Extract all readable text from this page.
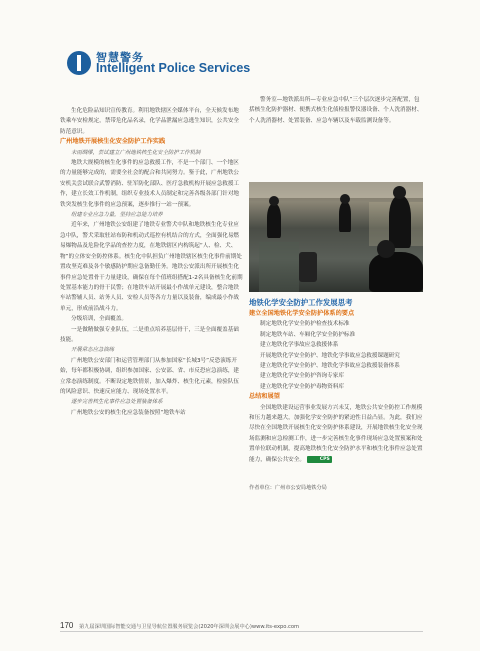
智慧警务
Intelligent Police Services

生化危险品知识宣传教育。利用地铁辖区全媒体平台，全天候发布地铁乘车安检规定，禁带危化品名录，化学品泄漏应急逃生知识，公共安全防范意识。

广州地铁开展核生化安全防护工作实践

未雨绸缪，尝试建立广州地铁核生化安全防护工作机制

地铁大规模的核生化事件的应急救援工作，不是一个部门、一个地区的力量能够完成的，需要全社会的配合和共同努力。鉴于此，广州地铁公安机关尝试联合武警消防、驻军防化部队、医疗急救机构开展应急救援工作，建立长效工作机制，组织专业技术人员制定和完善各级各部门针对地铁突发核生化事件的应急预案，逐步推行一站一预案。

组建专业应急力量，坚持应急能力培养

近年来，广州地铁公安组建了地铁专业警犬中队和地铁核生化专业应急中队，警犬采取驻站布防和机动式巡控有机结合的方式，全面强化易燃易爆物品及危险化学品的查控力度，在地铁辖区内构筑起“人、检、犬、物”的立体安全防控体系。核生化中队担负广州地铁辖区核生化事件前期处置攻坚克难及各个敏感防护期应急备勤任务。地铁公安派出所开展核生化事件应急处置骨干力量建设，确保在每个值班组搭配1-2名具备核生化前期处置基本能力的骨干民警；在地铁车站开展最小作战单元建设，整合地铁车站警辅人员、站务人员、安检人员等各方力量以及装备，编成最小作战单元，形成前沿战斗力。

分级培训，全面覆盖。

一是做精做强专业队伍，二是重点培养基层骨干，三是全面覆盖基础技能。

开展常态应急演练

广州地铁公安部门和运营管理部门从参加国家“长城3号”反恐演练开始，每年都积极协调，组织参加国家、公安部、省、市反恐应急演练，建立常态演练制度。不断设定地铁情景，加入爆炸、核生化元素，检验队伍的风险意识、快速反应能力、现场处置水平。

逐步完善核生化事件应急处置装备体系

广州地铁公安的核生化应急装备按照“地铁车站

警务室—地铁派出所—专业应急中队”三个层次逐步完善配置，包括核生化防护器材、便携式核生化侦检报警仪器设备、个人洗消器材、个人洗消器材、处置装备、应急车辆以及车载监测设备等。

地铁化学安全防护工作发展思考

建立全国地铁化学安全防护体系的要点

制定地铁化学安全防护检查技术标准

制定地铁车站、车厢化学安全防护标准

建立地铁化学事故应急救援体系

开展地铁化学安全防护、地铁化学事故应急救援课题研究

建立地铁化学安全防护、地铁化学事故应急救援装备体系

建立地铁化学安全防护咨询专家库

建立地铁化学安全防护毒物资料库

总结和展望

全国地铁建设运营事业发展方兴未艾，地铁公共安全防控工作规模和压力越来越大，加强化学安全防护的紧迫性日益凸显。为此，我们应尽快在全国地铁开展核生化安全防护体系建设，开展地铁核生化安全现场监测和应急检测工作，进一步完善核生化事件现场应急处置预案和处置单位联动机制，提高地铁核生化安全防护水平和核生化事件应急处置能力，确保公共安全。	CPS

作者单位：广州市公安局地铁分局

170 第九届深圳国际智能交通与卫星导航位置服务展览会(2020年深圳会展中心)www.its-expo.com
